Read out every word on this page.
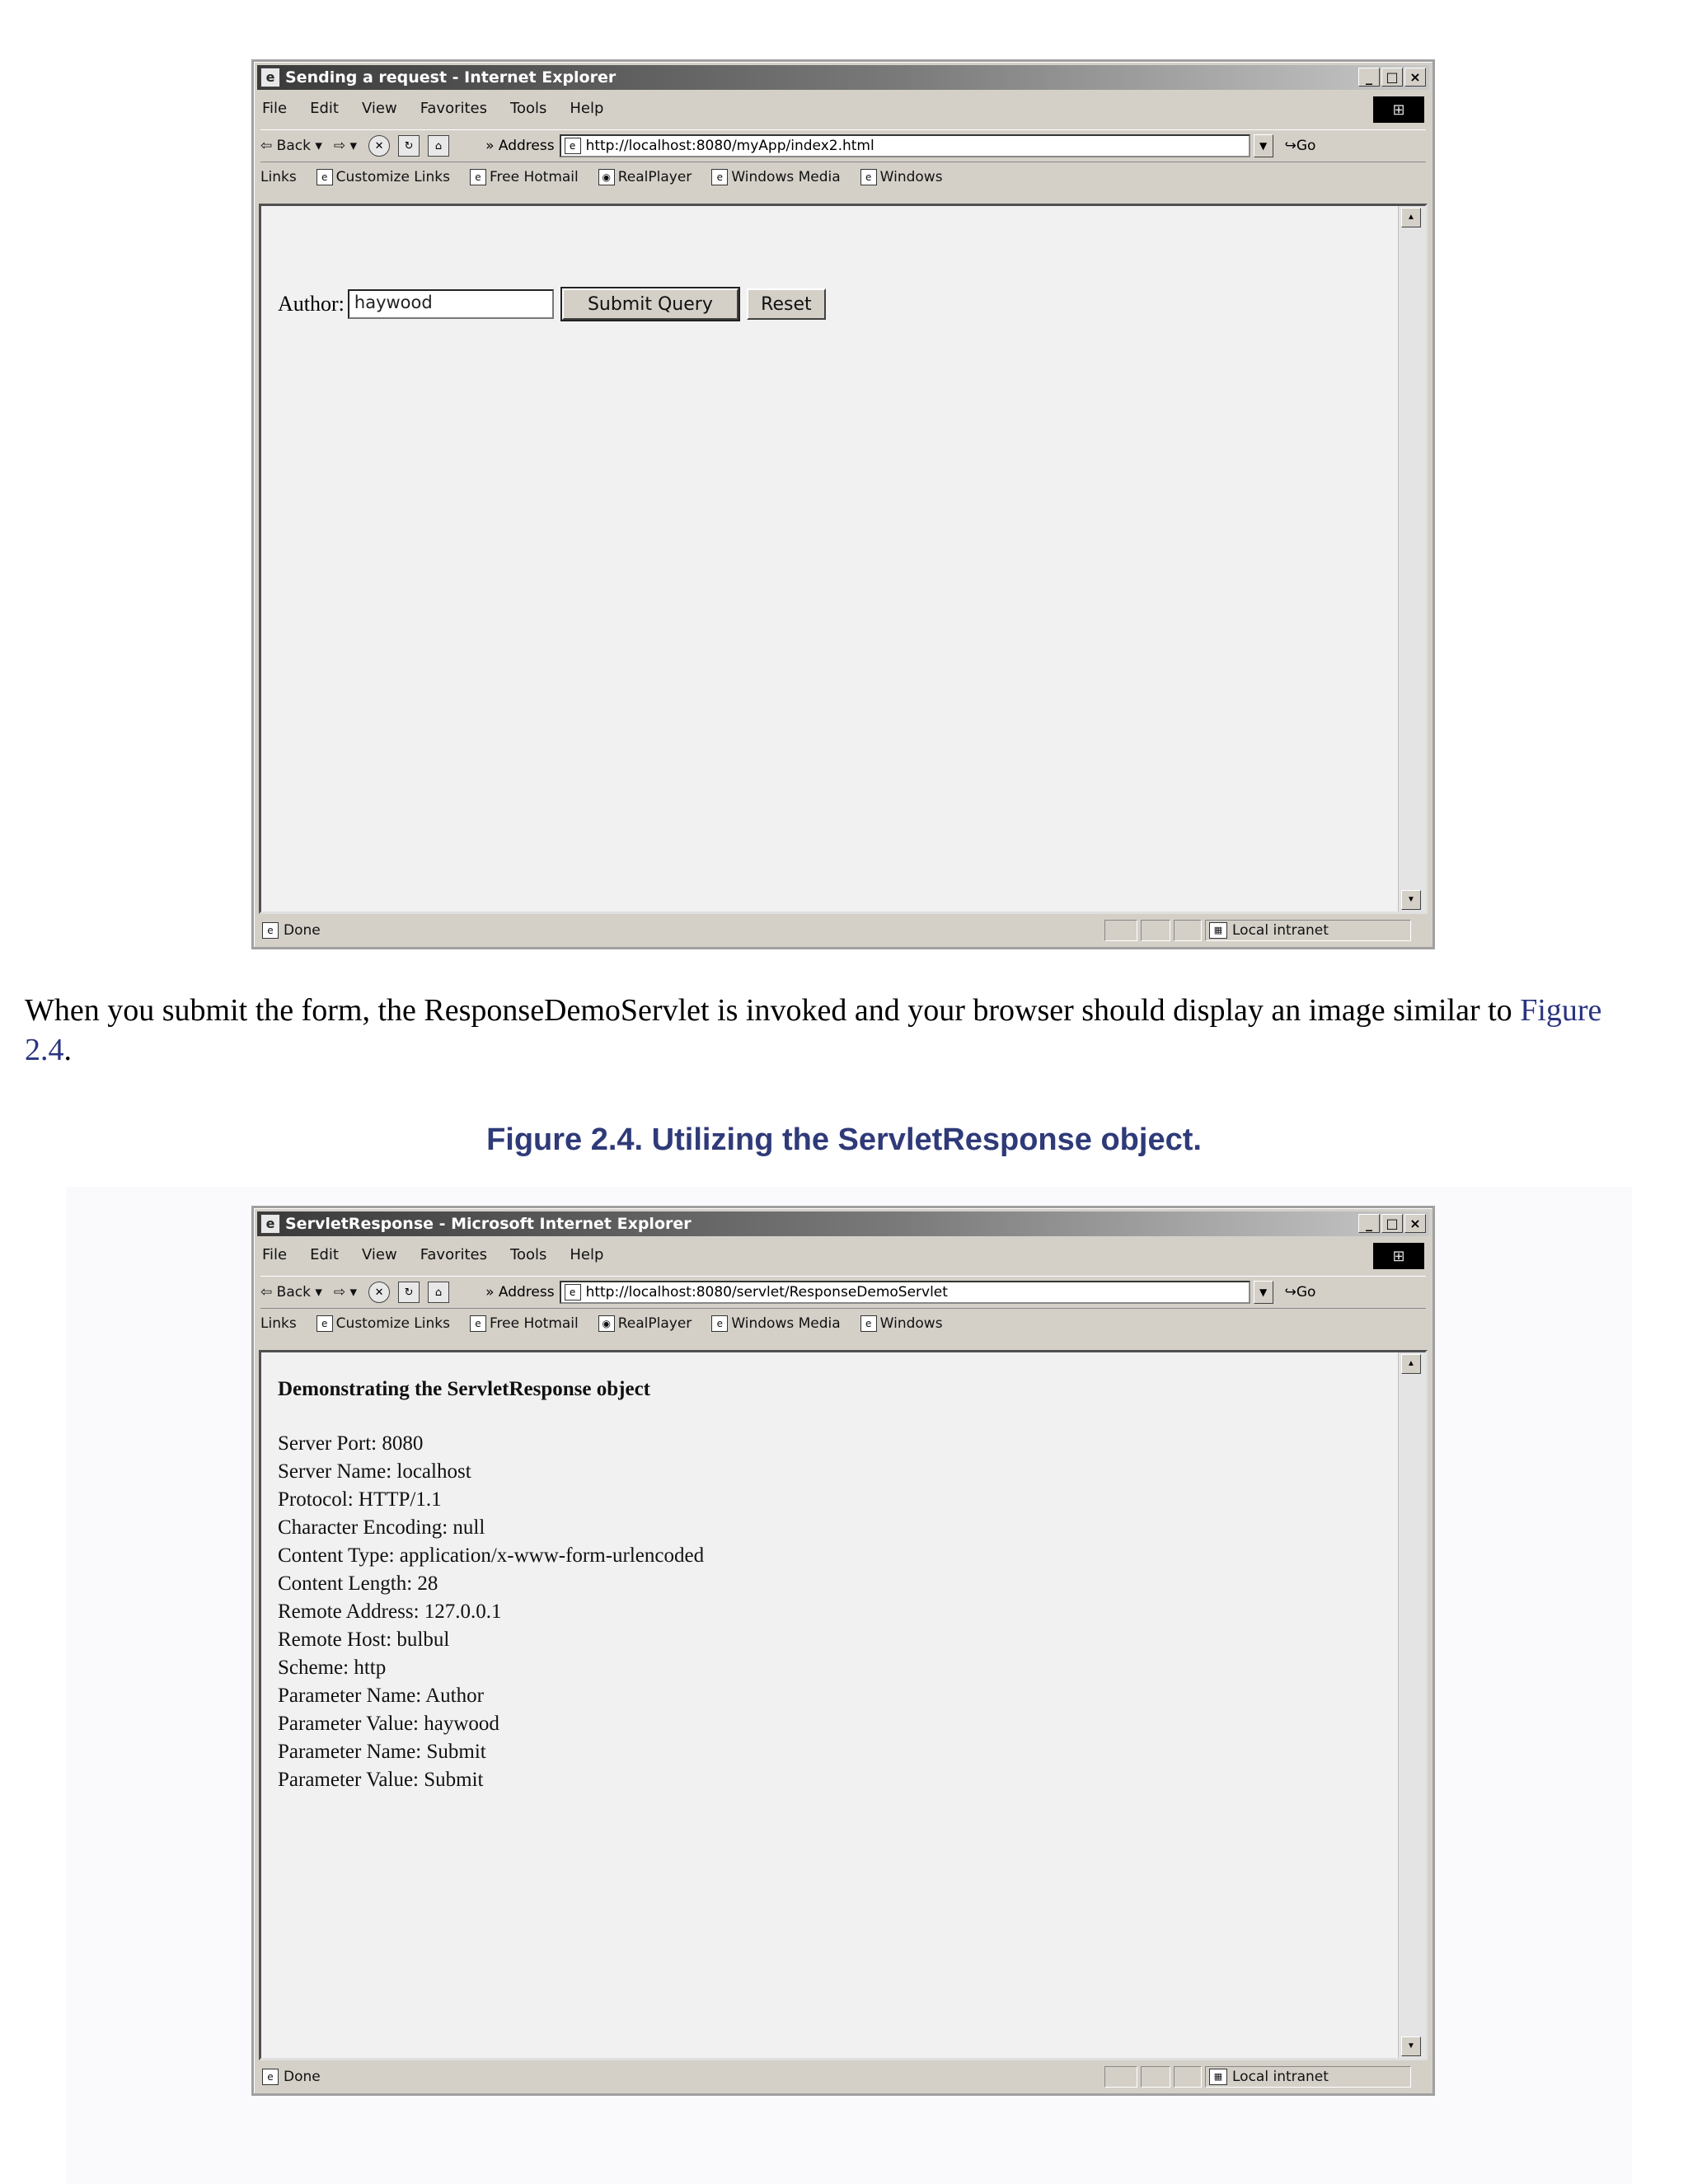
e Sending a request - Internet Explorer	_	□ ×
File Edit View Favorites Tools Help	⊞
⇦ Back ▾ ⇨ ▾	✕	↻	⌂	» Address	e http://localhost:8080/myApp/index2.html	▼	↪Go
Links	e Customize Links	e Free Hotmail	◉ RealPlayer	e Windows Media	e Windows
Author: haywood	Submit Query	Reset
▲
▼
e Done	▦ Local intranet
When you submit the form, the ResponseDemoServlet is invoked and your browser should display an image similar to Figure 2.4.
Figure 2.4. Utilizing the ServletResponse object.
e ServletResponse - Microsoft Internet Explorer	_	□ ×
File Edit View Favorites Tools Help	⊞
⇦ Back ▾ ⇨ ▾	✕	↻	⌂	» Address	e http://localhost:8080/servlet/ResponseDemoServlet	▼	↪Go
Links	e Customize Links	e Free Hotmail	◉ RealPlayer	e Windows Media	e Windows
Demonstrating the ServletResponse object
Server Port: 8080
Server Name: localhost
Protocol: HTTP/1.1
Character Encoding: null
Content Type: application/x-www-form-urlencoded
Content Length: 28
Remote Address: 127.0.0.1
Remote Host: bulbul
Scheme: http
Parameter Name: Author
Parameter Value: haywood
Parameter Name: Submit
Parameter Value: Submit
▲
▼
e Done	▦ Local intranet
